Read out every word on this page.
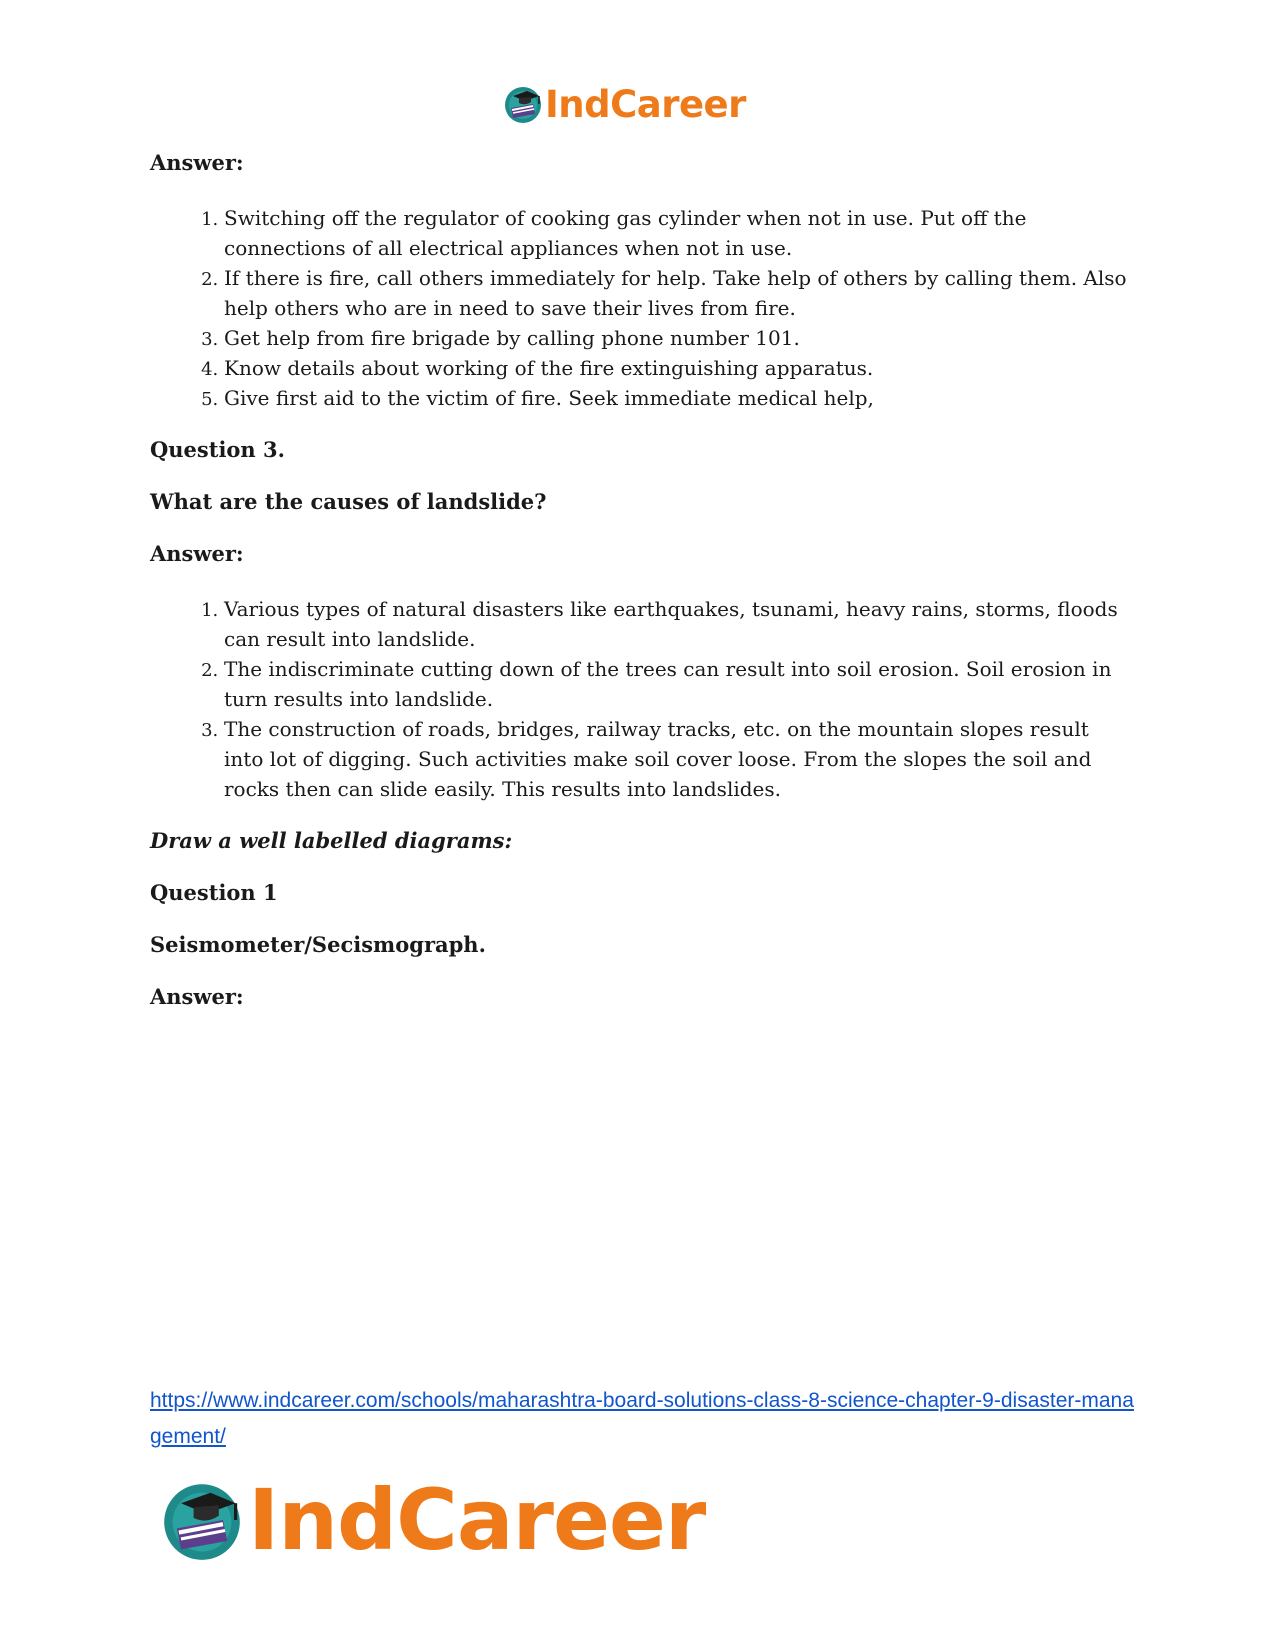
IndCareer

Answer:

1. Switching off the regulator of cooking gas cylinder when not in use. Put off the connections of all electrical appliances when not in use.
2. If there is fire, call others immediately for help. Take help of others by calling them. Also help others who are in need to save their lives from fire.
3. Get help from fire brigade by calling phone number 101.
4. Know details about working of the fire extinguishing apparatus.
5. Give first aid to the victim of fire. Seek immediate medical help,

Question 3.

What are the causes of landslide?

Answer:

1. Various types of natural disasters like earthquakes, tsunami, heavy rains, storms, floods can result into landslide.
2. The indiscriminate cutting down of the trees can result into soil erosion. Soil erosion in turn results into landslide.
3. The construction of roads, bridges, railway tracks, etc. on the mountain slopes result into lot of digging. Such activities make soil cover loose. From the slopes the soil and rocks then can slide easily. This results into landslides.

Draw a well labelled diagrams:

Question 1

Seismometer/Secismograph.

Answer:

https://www.indcareer.com/schools/maharashtra-board-solutions-class-8-science-chapter-9-disaster-management/
IndCareer
